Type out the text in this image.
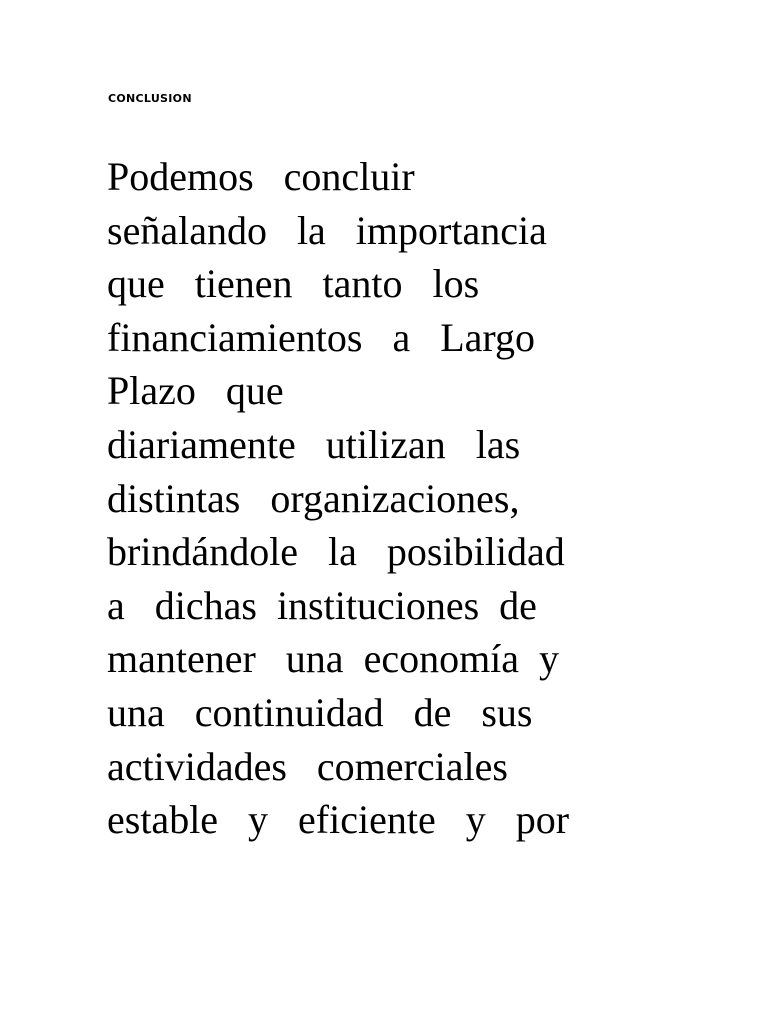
CONCLUSION

Podemos   concluir
señalando   la   importancia
que   tienen   tanto   los
financiamientos   a   Largo
Plazo   que
diariamente   utilizan   las
distintas   organizaciones,
brindándole   la   posibilidad
a   dichas  instituciones  de
mantener   una  economía  y
una   continuidad   de   sus
actividades   comerciales
estable   y   eficiente   y   por
